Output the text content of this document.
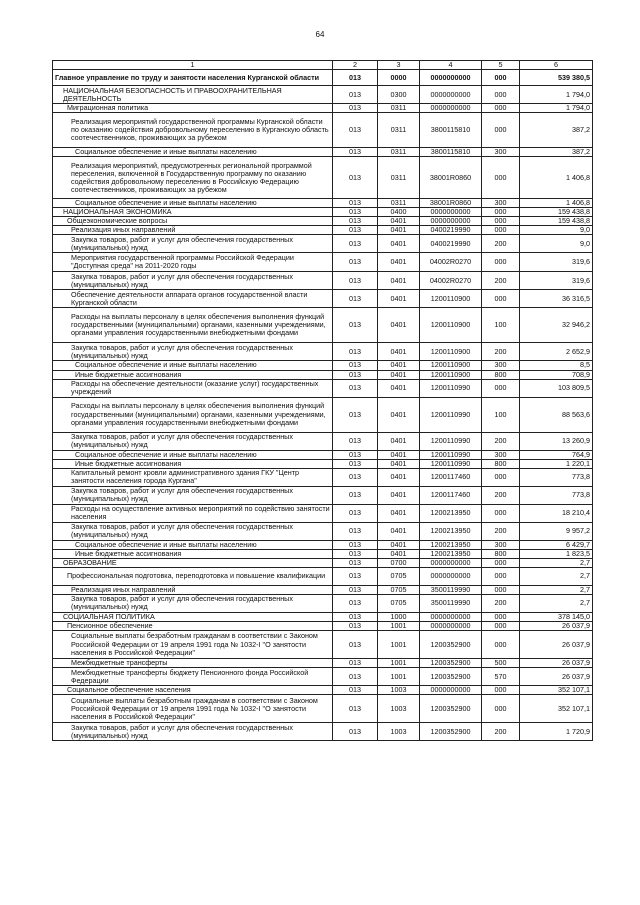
64
1	2	3	4	5	6

Главное управление по труду и занятости населения Курганской области	013	0000	0000000000	000	539 380,5

НАЦИОНАЛЬНАЯ БЕЗОПАСНОСТЬ И ПРАВООХРАНИТЕЛЬНАЯ ДЕЯТЕЛЬНОСТЬ	013	0300	0000000000	000	1 794,0

Миграционная политика	013	0311	0000000000	000	1 794,0

Реализация мероприятий государственной программы Курганской области по оказанию содействия добровольному переселению в Курганскую область соотечественников, проживающих за рубежом	013	0311	3800115810	000	387,2

Социальное обеспечение и иные выплаты населению	013	0311	3800115810	300	387,2

Реализация мероприятий, предусмотренных региональной программой переселения, включенной в Государственную программу по оказанию содействия добровольному переселению в Российскую Федерацию соотечественников, проживающих за рубежом	013	0311	38001R0860	000	1 406,8

Социальное обеспечение и иные выплаты населению	013	0311	38001R0860	300	1 406,8

НАЦИОНАЛЬНАЯ ЭКОНОМИКА	013	0400	0000000000	000	159 438,8

Общеэкономические вопросы	013	0401	0000000000	000	159 438,8

Реализация иных направлений	013	0401	0400219990	000	9,0

Закупка товаров, работ и услуг для обеспечения государственных (муниципальных) нужд	013	0401	0400219990	200	9,0

Мероприятия государственной программы Российской Федерации "Доступная среда" на 2011-2020 годы	013	0401	04002R0270	000	319,6

Закупка товаров, работ и услуг для обеспечения государственных (муниципальных) нужд	013	0401	04002R0270	200	319,6

Обеспечение деятельности аппарата органов государственной власти Курганской области	013	0401	1200110900	000	36 316,5

Расходы на выплаты персоналу в целях обеспечения выполнения функций государственными (муниципальными) органами, казенными учреждениями, органами управления государственными внебюджетными фондами	013	0401	1200110900	100	32 946,2

Закупка товаров, работ и услуг для обеспечения государственных (муниципальных) нужд	013	0401	1200110900	200	2 652,9

Социальное обеспечение и иные выплаты населению	013	0401	1200110900	300	8,5

Иные бюджетные ассигнования	013	0401	1200110900	800	708,9

Расходы на обеспечение деятельности (оказание услуг) государственных учреждений	013	0401	1200110990	000	103 809,5

Расходы на выплаты персоналу в целях обеспечения выполнения функций государственными (муниципальными) органами, казенными учреждениями, органами управления государственными внебюджетными фондами	013	0401	1200110990	100	88 563,6

Закупка товаров, работ и услуг для обеспечения государственных (муниципальных) нужд	013	0401	1200110990	200	13 260,9

Социальное обеспечение и иные выплаты населению	013	0401	1200110990	300	764,9

Иные бюджетные ассигнования	013	0401	1200110990	800	1 220,1

Капитальный ремонт кровли административного здания ГКУ "Центр занятости населения города Кургана"	013	0401	1200117460	000	773,8

Закупка товаров, работ и услуг для обеспечения государственных (муниципальных) нужд	013	0401	1200117460	200	773,8

Расходы на осуществление активных мероприятий по содействию занятости населения	013	0401	1200213950	000	18 210,4

Закупка товаров, работ и услуг для обеспечения государственных (муниципальных) нужд	013	0401	1200213950	200	9 957,2

Социальное обеспечение и иные выплаты населению	013	0401	1200213950	300	6 429,7

Иные бюджетные ассигнования	013	0401	1200213950	800	1 823,5

ОБРАЗОВАНИЕ	013	0700	0000000000	000	2,7

Профессиональная подготовка, переподготовка и повышение квалификации	013	0705	0000000000	000	2,7

Реализация иных направлений	013	0705	3500119990	000	2,7

Закупка товаров, работ и услуг для обеспечения государственных (муниципальных) нужд	013	0705	3500119990	200	2,7

СОЦИАЛЬНАЯ ПОЛИТИКА	013	1000	0000000000	000	378 145,0

Пенсионное обеспечение	013	1001	0000000000	000	26 037,9

Социальные выплаты безработным гражданам в соответствии с Законом Российской Федерации от 19 апреля 1991 года № 1032-I "О занятости населения в Российской Федерации"	013	1001	1200352900	000	26 037,9

Межбюджетные трансферты	013	1001	1200352900	500	26 037,9

Межбюджетные трансферты бюджету Пенсионного фонда Российской Федерации	013	1001	1200352900	570	26 037,9

Социальное обеспечение населения	013	1003	0000000000	000	352 107,1

Социальные выплаты безработным гражданам в соответствии с Законом Российской Федерации от 19 апреля 1991 года № 1032-I "О занятости населения в Российской Федерации"	013	1003	1200352900	000	352 107,1

Закупка товаров, работ и услуг для обеспечения государственных (муниципальных) нужд	013	1003	1200352900	200	1 720,9
